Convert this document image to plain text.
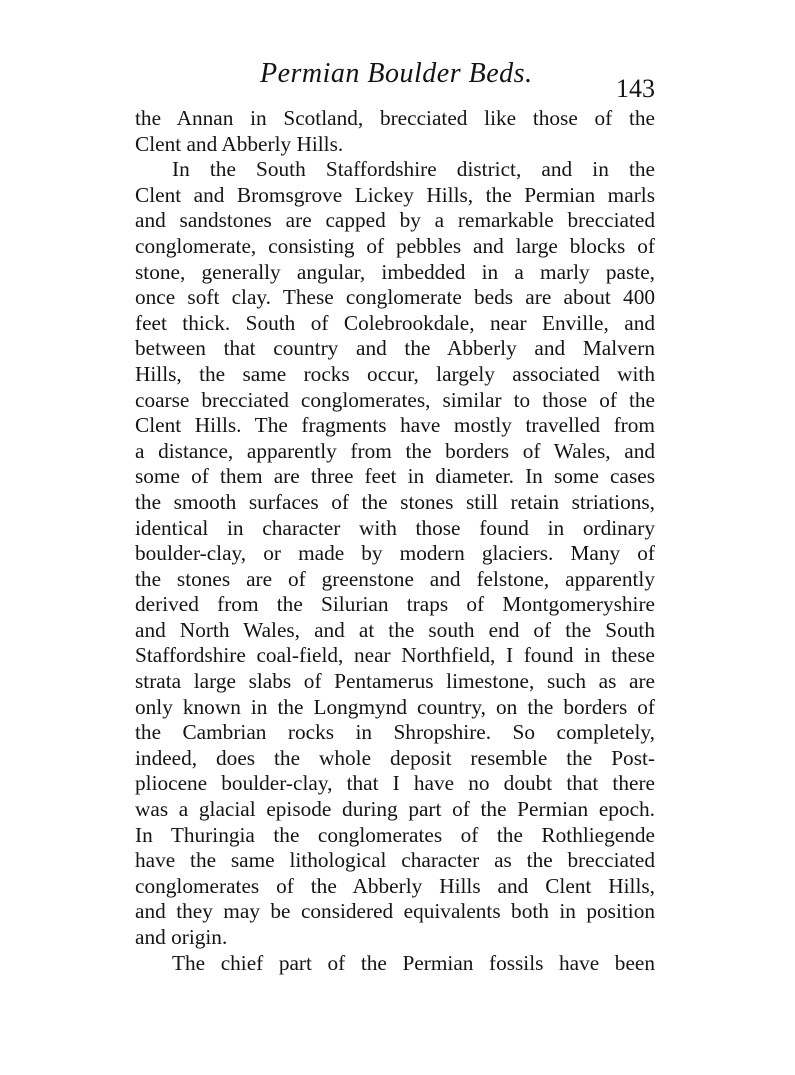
Permian Boulder Beds.	143
the Annan in Scotland, brecciated like those of the
Clent and Abberly Hills.
In the South Staffordshire district, and in the
Clent and Bromsgrove Lickey Hills, the Permian marls
and sandstones are capped by a remarkable brecciated
conglomerate, consisting of pebbles and large blocks of
stone, generally angular, imbedded in a marly paste,
once soft clay. These conglomerate beds are about 400
feet thick. South of Colebrookdale, near Enville, and
between that country and the Abberly and Malvern
Hills, the same rocks occur, largely associated with
coarse brecciated conglomerates, similar to those of the
Clent Hills. The fragments have mostly travelled from
a distance, apparently from the borders of Wales, and
some of them are three feet in diameter. In some cases
the smooth surfaces of the stones still retain striations,
identical in character with those found in ordinary
boulder-clay, or made by modern glaciers. Many of
the stones are of greenstone and felstone, apparently
derived from the Silurian traps of Montgomeryshire
and North Wales, and at the south end of the South
Staffordshire coal-field, near Northfield, I found in these
strata large slabs of Pentamerus limestone, such as are
only known in the Longmynd country, on the borders of
the Cambrian rocks in Shropshire. So completely,
indeed, does the whole deposit resemble the Post-
pliocene boulder-clay, that I have no doubt that there
was a glacial episode during part of the Permian epoch.
In Thuringia the conglomerates of the Rothliegende
have the same lithological character as the brecciated
conglomerates of the Abberly Hills and Clent Hills,
and they may be considered equivalents both in position
and origin.
The chief part of the Permian fossils have been
